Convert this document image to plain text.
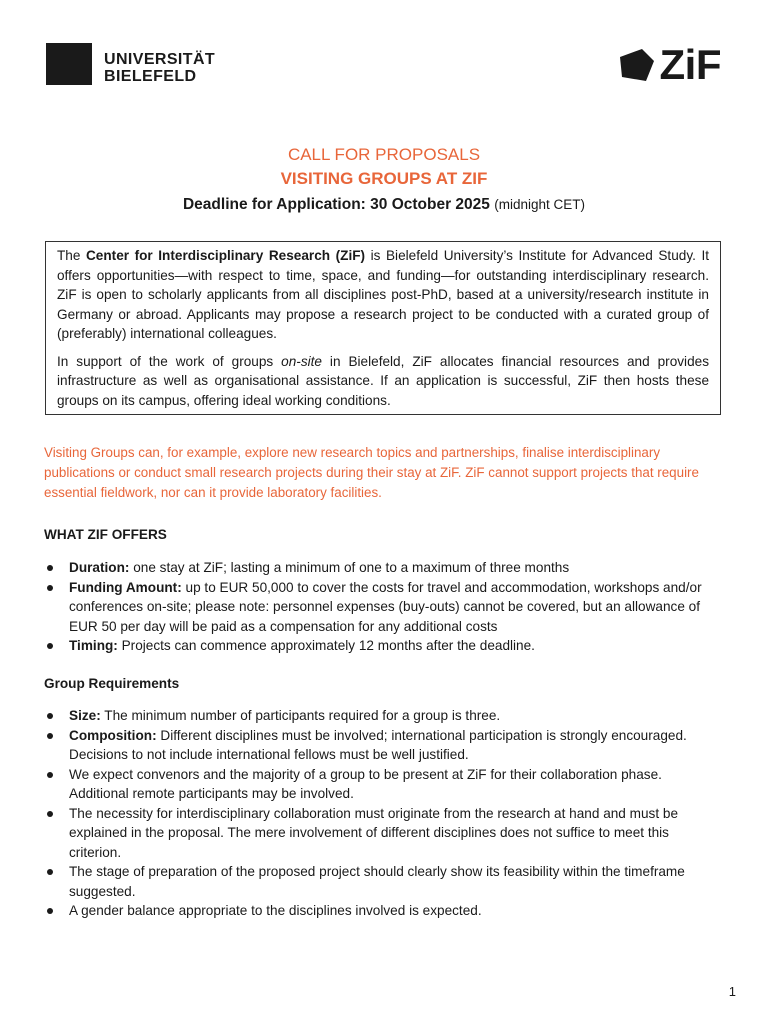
UNIVERSITÄT
BIELEFELD	ZiF
CALL FOR PROPOSALS
VISITING GROUPS AT ZIF
Deadline for Application: 30 October 2025 (midnight CET)

The Center for Interdisciplinary Research (ZiF) is Bielefeld University’s Institute for Advanced Study. It offers opportunities—with respect to time, space, and funding—for outstanding interdisciplinary research. ZiF is open to scholarly applicants from all disciplines post-PhD, based at a university/research institute in Germany or abroad. Applicants may propose a research project to be conducted with a curated group of (preferably) international colleagues.

In support of the work of groups on-site in Bielefeld, ZiF allocates financial resources and provides infrastructure as well as organisational assistance. If an application is successful, ZiF then hosts these groups on its campus, offering ideal working conditions.

Visiting Groups can, for example, explore new research topics and partnerships, finalise interdisciplinary publications or conduct small research projects during their stay at ZiF. ZiF cannot support projects that require essential fieldwork, nor can it provide laboratory facilities.

WHAT ZIF OFFERS
Duration: one stay at ZiF; lasting a minimum of one to a maximum of three months
Funding Amount: up to EUR 50,000 to cover the costs for travel and accommodation, workshops and/or conferences on-site; please note: personnel expenses (buy-outs) cannot be covered, but an allowance of EUR 50 per day will be paid as a compensation for any additional costs
Timing: Projects can commence approximately 12 months after the deadline.
Group Requirements
Size: The minimum number of participants required for a group is three.
Composition: Different disciplines must be involved; international participation is strongly encouraged. Decisions to not include international fellows must be well justified.
We expect convenors and the majority of a group to be present at ZiF for their collaboration phase. Additional remote participants may be involved.
The necessity for interdisciplinary collaboration must originate from the research at hand and must be explained in the proposal. The mere involvement of different disciplines does not suffice to meet this criterion.
The stage of preparation of the proposed project should clearly show its feasibility within the timeframe suggested.
A gender balance appropriate to the disciplines involved is expected.
1
